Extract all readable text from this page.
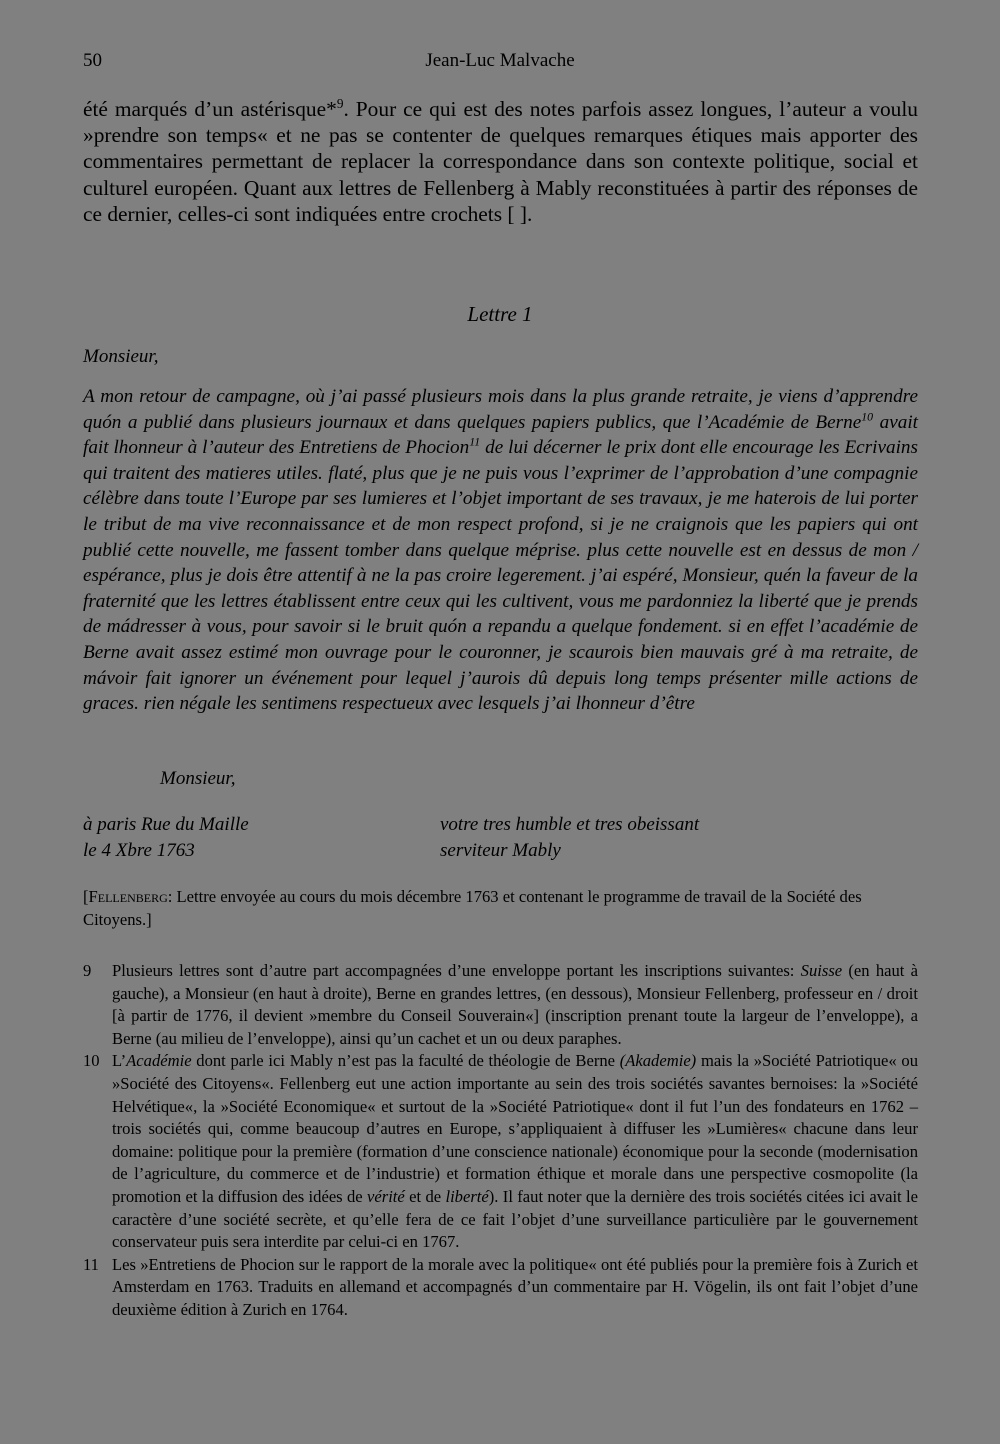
50	Jean-Luc Malvache
été marqués d’un astérisque*$^9$. Pour ce qui est des notes parfois assez longues, l’auteur a voulu »prendre son temps« et ne pas se contenter de quelques remarques étiques mais apporter des commentaires permettant de replacer la correspondance dans son contexte politique, social et culturel européen. Quant aux lettres de Fellenberg à Mably reconstituées à partir des réponses de ce dernier, celles-ci sont indiquées entre crochets [ ].
Lettre 1
Monsieur,
A mon retour de campagne, où j’ai passé plusieurs mois dans la plus grande retraite, je viens d’apprendre quón a publié dans plusieurs journaux et dans quelques papiers publics, que l’Académie de Berne$^{10}$ avait fait lhonneur à l’auteur des Entretiens de Phocion$^{11}$ de lui décerner le prix dont elle encourage les Ecrivains qui traitent des matieres utiles. flaté, plus que je ne puis vous l’exprimer de l’approbation d’une compagnie célèbre dans toute l’Europe par ses lumieres et l’objet important de ses travaux, je me haterois de lui porter le tribut de ma vive reconnaissance et de mon respect profond, si je ne craignois que les papiers qui ont publié cette nouvelle, me fassent tomber dans quelque méprise. plus cette nouvelle est en dessus de mon / espérance, plus je dois être attentif à ne la pas croire legerement. j’ai espéré, Monsieur, quén la faveur de la fraternité que les lettres établissent entre ceux qui les cultivent, vous me pardonniez la liberté que je prends de mádresser à vous, pour savoir si le bruit quón a repandu a quelque fondement. si en effet l’académie de Berne avait assez estimé mon ouvrage pour le couronner, je scaurois bien mauvais gré à ma retraite, de mávoir fait ignorer un événement pour lequel j’aurois dû depuis long temps présenter mille actions de graces. rien négale les sentimens respectueux avec lesquels j’ai lhonneur d’être
Monsieur,
à paris Rue du Maille
le 4 Xbre 1763
votre tres humble et tres obeissant
serviteur Mably
[Fellenberg: Lettre envoyée au cours du mois décembre 1763 et contenant le programme de travail de la Société des Citoyens.]
9 Plusieurs lettres sont d’autre part accompagnées d’une enveloppe portant les inscriptions suivantes: Suisse (en haut à gauche), a Monsieur (en haut à droite), Berne en grandes lettres, (en dessous), Monsieur Fellenberg, professeur en / droit [à partir de 1776, il devient »membre du Conseil Souverain«] (inscription prenant toute la largeur de l’enveloppe), a Berne (au milieu de l’enveloppe), ainsi qu’un cachet et un ou deux paraphes.
10 L’Académie dont parle ici Mably n’est pas la faculté de théologie de Berne (Akademie) mais la »Société Patriotique« ou »Société des Citoyens«. Fellenberg eut une action importante au sein des trois sociétés savantes bernoises: la »Société Helvétique«, la »Société Economique« et surtout de la »Société Patriotique« dont il fut l’un des fondateurs en 1762 – trois sociétés qui, comme beaucoup d’autres en Europe, s’appliquaient à diffuser les »Lumières« chacune dans leur domaine: politique pour la première (formation d’une conscience nationale) économique pour la seconde (modernisation de l’agriculture, du commerce et de l’industrie) et formation éthique et morale dans une perspective cosmopolite (la promotion et la diffusion des idées de vérité et de liberté). Il faut noter que la dernière des trois sociétés citées ici avait le caractère d’une société secrète, et qu’elle fera de ce fait l’objet d’une surveillance particulière par le gouvernement conservateur puis sera interdite par celui-ci en 1767.
11 Les »Entretiens de Phocion sur le rapport de la morale avec la politique« ont été publiés pour la première fois à Zurich et Amsterdam en 1763. Traduits en allemand et accompagnés d’un commentaire par H. Vögelin, ils ont fait l’objet d’une deuxième édition à Zurich en 1764.
